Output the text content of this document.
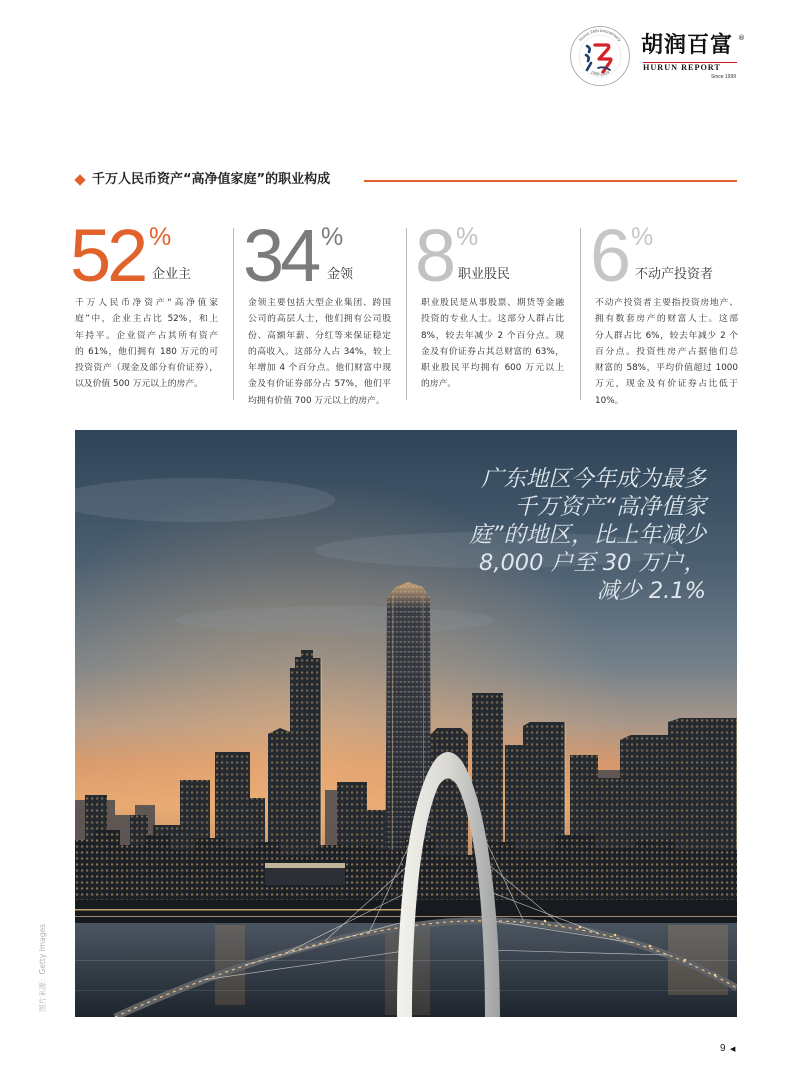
Hurun 25th Anniversary
1999-2024
胡润百富 ®
HURUN REPORT
Since 1999
千万人民币资产“高净值家庭”的职业构成
52 %
企业主 34 %
金领 8 %
职业股民 6 %
不动产投资者
千万人民币净资产“高净值家
庭”中，企业主占比 52%，和上
年持平。企业资产占其所有资产
的 61%，他们拥有 180 万元的可
投资资产（现金及部分有价证券），
以及价值 500 万元以上的房产。
金领主要包括大型企业集团、跨国
公司的高层人士，他们拥有公司股
份、高额年薪、分红等来保证稳定
的高收入。这部分人占 34%，较上
年增加 4 个百分点。他们财富中现
金及有价证券部分占 57%，他们平
均拥有价值 700 万元以上的房产。
职业股民是从事股票、期货等金融
投资的专业人士。这部分人群占比
8%，较去年减少 2 个百分点。现
金及有价证券占其总财富的 63%，
职业股民平均拥有 600 万元以上
的房产。
不动产投资者主要指投资房地产、
拥有数套房产的财富人士。这部
分人群占比 6%，较去年减少 2 个
百分点。投资性房产占据他们总
财富的 58%，平均价值超过 1000
万元，现金及有价证券占比低于
10%。
广东地区今年成为最多
千万资产“高净值家
庭”的地区，比上年减少
8,000 户至 30 万户，
减少 2.1%
图片来源：Getty Images
9 ◀
